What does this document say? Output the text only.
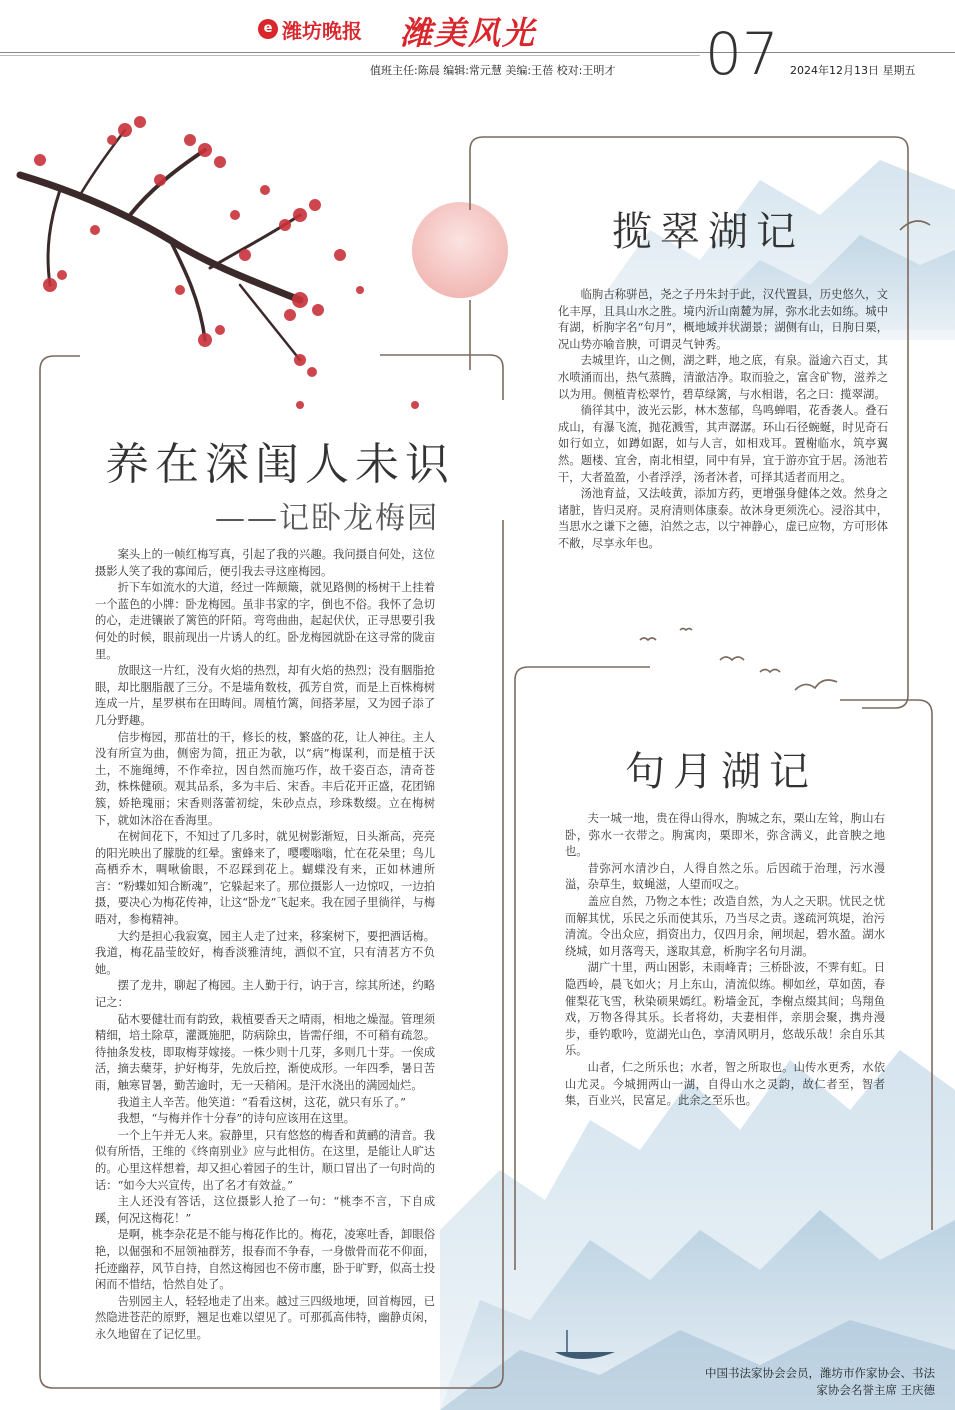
e 潍坊晚报 潍美风光
值班主任:陈晨 编辑:常元慧 美编:王蓓 校对:王明才 07 2024年12月13日 星期五
养在深闺人未识
——记卧龙梅园

案头上的一帧红梅写真，引起了我的兴趣。我问摄自何处，这位摄影人笑了我的寡闻后，便引我去寻这座梅园。

折下车如流水的大道，经过一阵颠簸，就见路侧的杨树干上挂着一个蓝色的小牌：卧龙梅园。虽非书家的字，倒也不俗。我怀了急切的心，走进镶嵌了篱笆的阡陌。弯弯曲曲，起起伏伏，正寻思要引我何处的时候，眼前现出一片诱人的红。卧龙梅园就卧在这寻常的陇亩里。

放眼这一片红，没有火焰的热烈，却有火焰的热烈；没有胭脂抢眼，却比胭脂靓了三分。不是墙角数枝，孤芳自赏，而是上百株梅树连成一片，星罗棋布在田畴间。周植竹篱，间搭茅屋，又为园子添了几分野趣。

信步梅园，那苗壮的干，修长的枝，繁盛的花，让人神往。主人没有所宣为曲，侧密为简，扭正为欹，以“病”梅谋利，而是植于沃土，不施绳缚，不作牵拉，因自然而施巧作，故千姿百态，清奇苍劲，株株健硕。观其品系，多为丰后、宋香。丰后花开正盛，花团锦簇，娇艳瑰丽；宋香则落蕾初绽，朱砂点点，珍珠数缀。立在梅树下，就如沐浴在香海里。

在树间花下，不知过了几多时，就见树影渐短，日头渐高，亮亮的阳光映出了朦胧的红晕。蜜蜂来了，嘤嘤嗡嗡，忙在花朵里；鸟儿高栖乔木，啁啾偷眼，不忍踩到花上。蝴蝶没有来，正如林逋所言：“粉蝶如知合断魂”，它躲起来了。那位摄影人一边惊叹，一边拍摄，要决心为梅花传神，让这“卧龙”飞起来。我在园子里徜徉，与梅晤对，参梅精神。

大约是担心我寂寞，园主人走了过来，移案树下，要把酒话梅。我道，梅花晶莹皎好，梅香淡雅清纯，酒似不宜，只有清茗方不负她。

摆了龙井，聊起了梅园。主人勤于行，讷于言，综其所述，约略记之：

砧木要健壮而有韵致，栽植要香天之晴雨，相地之燥湿。管理须精细，培土除草，灌溉施肥，防病除虫，皆需仔细，不可稍有疏忽。待抽条发枝，即取梅芽嫁接。一株少则十几芽，多则几十芽。一俟成活，摘去蘖芽，护好梅芽，先放后控，渐使成形。一年四季，暑日苦雨，触寒冒暑，勤苦逾时，无一天稍闲。是汗水浇出的满园灿烂。

我道主人辛苦。他笑道：“看看这树，这花，就只有乐了。”

我想，“与梅并作十分春”的诗句应该用在这里。

一个上午并无人来。寂静里，只有悠悠的梅香和黄鹂的清音。我似有所悟，王维的《终南别业》应与此相仿。在这里，是能让人旷达的。心里这样想着，却又担心着园子的生计，顺口冒出了一句时尚的话：“如今大兴宣传，出了名才有效益。”

主人还没有答话，这位摄影人抢了一句：“桃李不言，下自成蹊，何况这梅花！”

是啊，桃李杂花是不能与梅花作比的。梅花，凌寒吐香，卸眼俗艳，以倔强和不屈领袖群芳，报春而不争春，一身傲骨而花不仰面，托迹幽荐，风节自持，自然这梅园也不傍市廛，卧于旷野，似高士投闲而不惜结，恰然自处了。

告别园主人，轻轻地走了出来。越过三四级地埂，回首梅园，已然隐进苍茫的原野，翘足也难以望见了。可那孤高伟特，幽静贞闲，永久地留在了记忆里。

揽翠湖记

临朐古称骈邑，尧之子丹朱封于此，汉代置县，历史悠久，文化丰厚，且具山水之胜。境内沂山南麓为屏，弥水北去如练。城中有湖，析朐字名“句月”，概地域并状湖景；湖侧有山，日朐日栗，况山势亦喻音腴，可谓灵气钟秀。

去城里许，山之侧，湖之畔，地之底，有泉。溢逾六百丈，其水喷涌而出，热气蒸腾，清澈洁净。取而验之，富含矿物，滋养之以为用。侧植青松翠竹，碧草绿篱，与水相谐，名之曰：揽翠湖。

徜徉其中，波光云影，林木葱郁，鸟鸣蝉唱，花香袭人。叠石成山，有瀑飞流，抛花溅雪，其声潺潺。环山石径蜿蜒，时见奇石如行如立，如蹲如踞，如与人言，如相戏耳。置榭临水，筑亭翼然。题楼、宜舍，南北相望，同中有异，宜于游亦宜于居。汤池若干，大者盈盈，小者浮浮，汤者沐者，可择其适者而用之。

汤池育益，又法岐黄，添加方药，更增强身健体之效。然身之诸脏，皆归灵府。灵府清则体康泰。故沐身更须洗心。浸浴其中，当思水之谦下之德，泊然之志，以宁神静心，虚已应物，方可形体不敝，尽享永年也。

句月湖记

夫一城一地，贵在得山得水，朐城之东，栗山左耸，朐山右卧，弥水一衣带之。朐寓肉，栗即米，弥含满义，此音腴之地也。

昔弥河水清沙白，人得自然之乐。后因疏于治理，污水漫溢，杂草生，蚊蝇滋，人望而叹之。

盖应自然，乃物之本性；改造自然，为人之天职。忧民之忧而解其忧，乐民之乐而使其乐，乃当尽之责。遂疏河筑堤，治污清流。令出众应，捐资出力，仅四月余，闸坝起，碧水盈。湖水绕城，如月落弯天，遂取其意，析朐字名句月湖。

湖广十里，两山困影，未雨峰青；三桥卧波，不霁有虹。日隐西岭，晨飞如火；月上东山，清流似练。柳如丝，草如茵，春催梨花飞雪，秋染硕果嫣红。粉墙金瓦，李榭点缀其间；鸟翔鱼戏，万物各得其乐。长者将幼，夫妻相伴，亲朋会聚，携舟漫步，垂钓歌吟，览湖光山色，享清风明月，悠哉乐哉！余自乐其乐。

山者，仁之所乐也；水者，智之所取也。山传水更秀，水依山尤灵。今城拥两山一湖，自得山水之灵韵，故仁者至，智者集，百业兴，民富足。此余之至乐也。

中国书法家协会会员，潍坊市作家协会、书法
家协会名誉主席 王庆德
